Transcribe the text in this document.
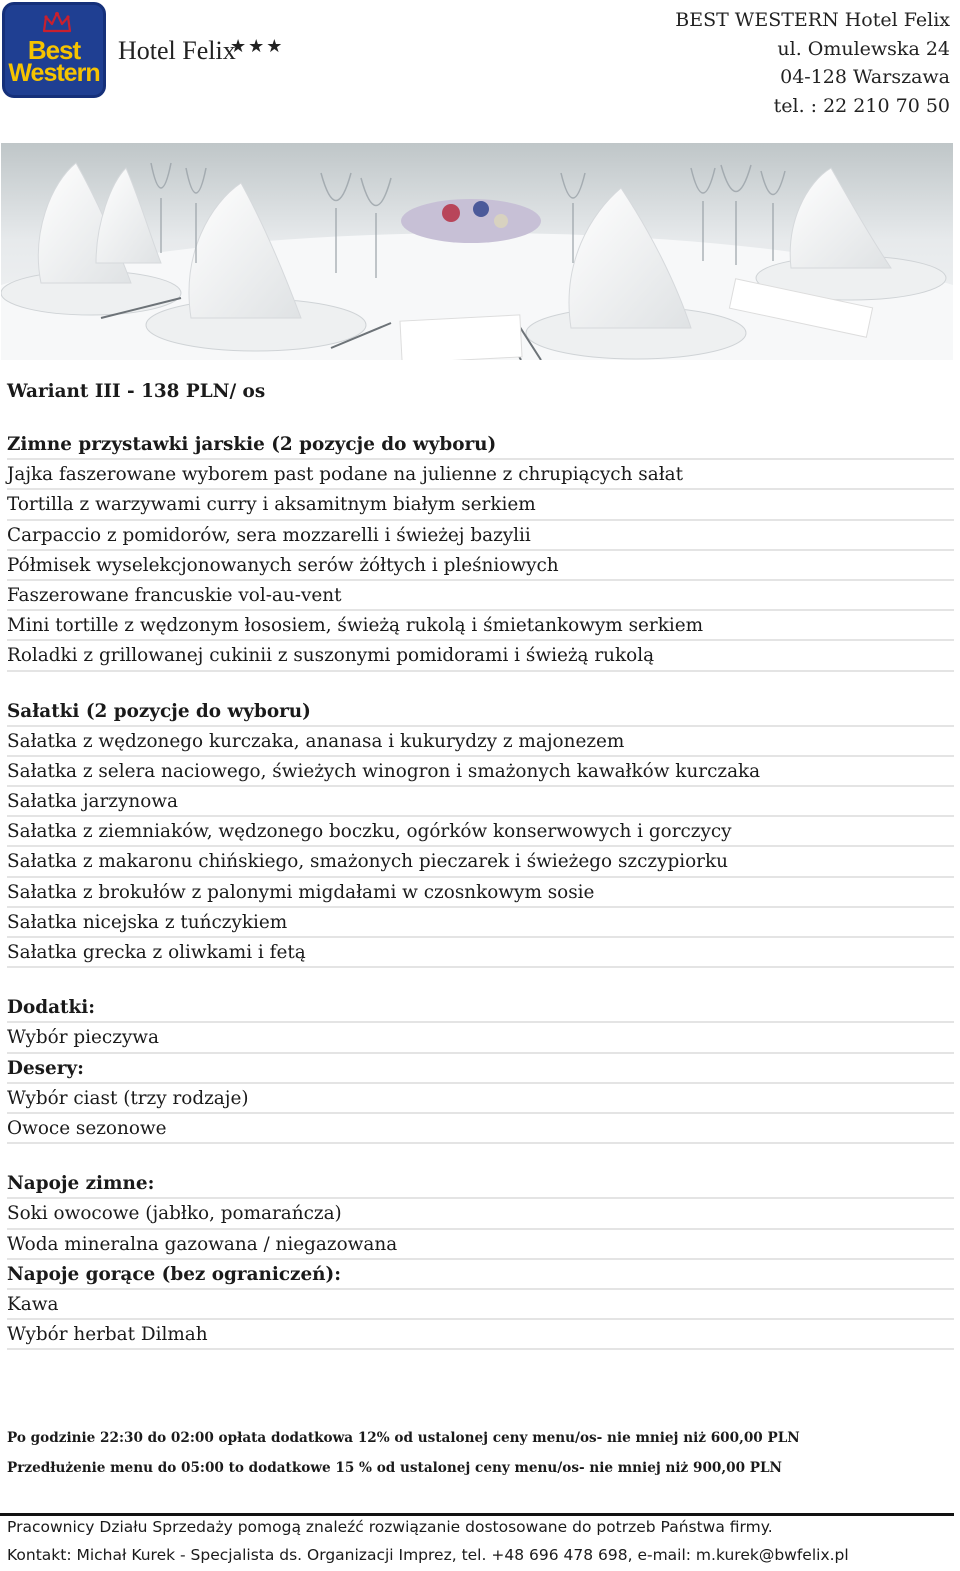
Best
Western
Hotel Felix
★★★
BEST WESTERN Hotel Felix
ul. Omulewska 24
04-128 Warszawa
tel. : 22 210 70 50
Wariant III - 138 PLN/ os
Zimne przystawki jarskie (2 pozycje do wyboru)
Jajka faszerowane wyborem past podane na julienne z chrupiących sałat
Tortilla z warzywami curry i aksamitnym białym serkiem
Carpaccio z pomidorów, sera mozzarelli i świeżej bazylii
Półmisek wyselekcjonowanych serów żółtych i pleśniowych
Faszerowane francuskie vol-au-vent
Mini tortille z wędzonym łososiem, świeżą rukolą i śmietankowym serkiem
Roladki z grillowanej cukinii z suszonymi pomidorami i świeżą rukolą
Sałatki (2 pozycje do wyboru)
Sałatka z wędzonego kurczaka, ananasa i kukurydzy z majonezem
Sałatka z selera naciowego, świeżych winogron i smażonych kawałków kurczaka
Sałatka jarzynowa
Sałatka z ziemniaków, wędzonego boczku, ogórków konserwowych i gorczycy
Sałatka z makaronu chińskiego, smażonych pieczarek i świeżego szczypiorku
Sałatka z brokułów z palonymi migdałami w czosnkowym sosie
Sałatka nicejska z tuńczykiem
Sałatka grecka z oliwkami i fetą
Dodatki:
Wybór pieczywa
Desery:
Wybór ciast (trzy rodzaje)
Owoce sezonowe
Napoje zimne:
Soki owocowe (jabłko, pomarańcza)
Woda mineralna gazowana / niegazowana
Napoje gorące (bez ograniczeń):
Kawa
Wybór herbat Dilmah
Po godzinie 22:30 do 02:00 opłata dodatkowa 12% od ustalonej ceny menu/os- nie mniej niż 600,00 PLN
Przedłużenie menu do 05:00 to dodatkowe 15 % od ustalonej ceny menu/os- nie mniej niż 900,00 PLN
Pracownicy Działu Sprzedaży pomogą znaleźć rozwiązanie dostosowane do potrzeb Państwa firmy.
Kontakt: Michał Kurek - Specjalista ds. Organizacji Imprez, tel. +48 696 478 698, e-mail: m.kurek@bwfelix.pl
